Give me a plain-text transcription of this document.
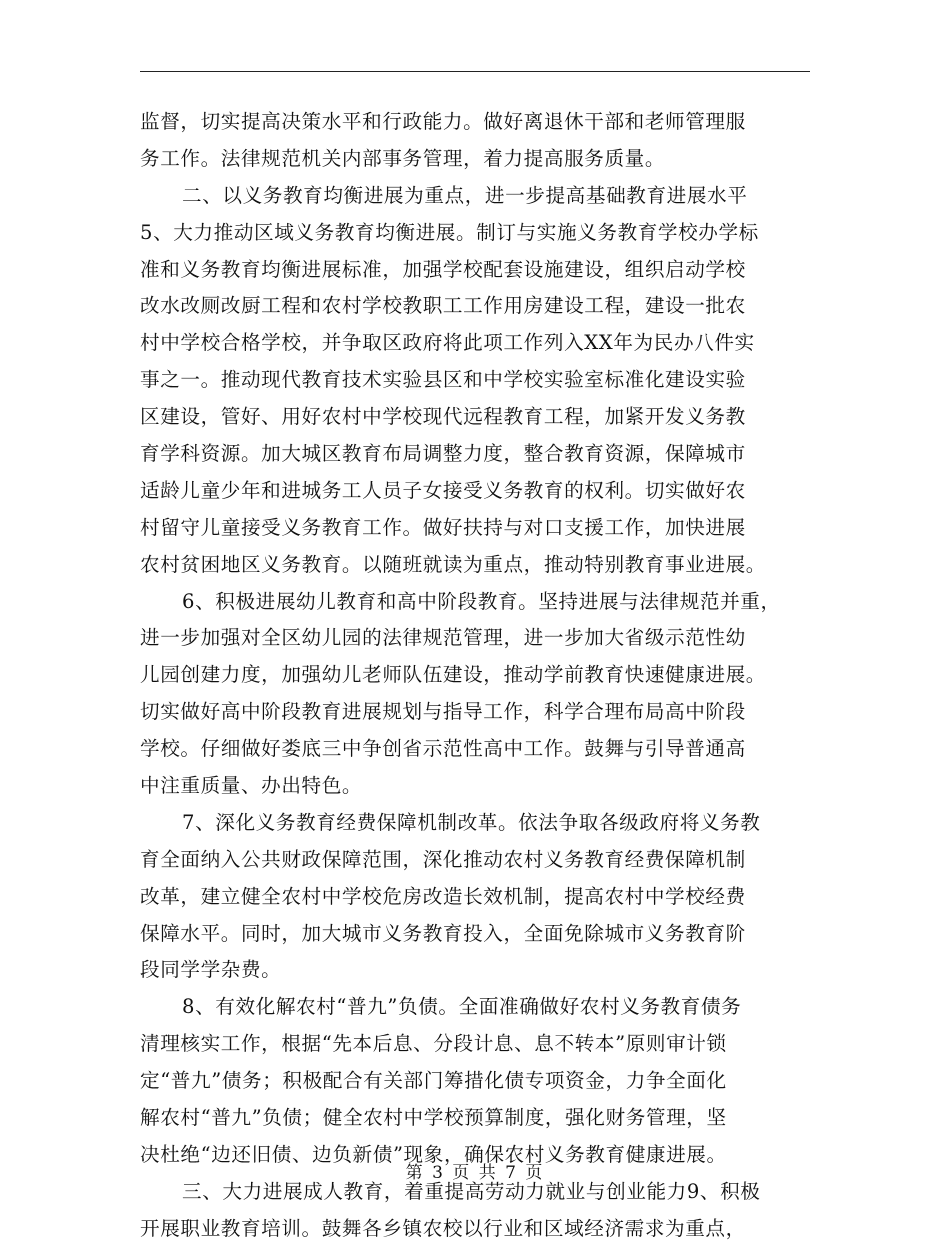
监督，切实提高决策水平和行政能力。做好离退休干部和老师管理服
务工作。法律规范机关内部事务管理，着力提高服务质量。
二、以义务教育均衡进展为重点，进一步提高基础教育进展水平
5、大力推动区域义务教育均衡进展。制订与实施义务教育学校办学标
准和义务教育均衡进展标准，加强学校配套设施建设，组织启动学校
改水改厕改厨工程和农村学校教职工工作用房建设工程，建设一批农
村中学校合格学校，并争取区政府将此项工作列入XX年为民办八件实
事之一。推动现代教育技术实验县区和中学校实验室标准化建设实验
区建设，管好、用好农村中学校现代远程教育工程，加紧开发义务教
育学科资源。加大城区教育布局调整力度，整合教育资源，保障城市
适龄儿童少年和进城务工人员子女接受义务教育的权利。切实做好农
村留守儿童接受义务教育工作。做好扶持与对口支援工作，加快进展
农村贫困地区义务教育。以随班就读为重点，推动特别教育事业进展。
6、积极进展幼儿教育和高中阶段教育。坚持进展与法律规范并重，
进一步加强对全区幼儿园的法律规范管理，进一步加大省级示范性幼
儿园创建力度，加强幼儿老师队伍建设，推动学前教育快速健康进展。
切实做好高中阶段教育进展规划与指导工作，科学合理布局高中阶段
学校。仔细做好娄底三中争创省示范性高中工作。鼓舞与引导普通高
中注重质量、办出特色。
7、深化义务教育经费保障机制改革。依法争取各级政府将义务教
育全面纳入公共财政保障范围，深化推动农村义务教育经费保障机制
改革，建立健全农村中学校危房改造长效机制，提高农村中学校经费
保障水平。同时，加大城市义务教育投入，全面免除城市义务教育阶
段同学学杂费。
8、有效化解农村“普九”负债。全面准确做好农村义务教育债务
清理核实工作，根据“先本后息、分段计息、息不转本”原则审计锁
定“普九”债务；积极配合有关部门筹措化债专项资金，力争全面化
解农村“普九”负债；健全农村中学校预算制度，强化财务管理，坚
决杜绝“边还旧债、边负新债”现象，确保农村义务教育健康进展。
三、大力进展成人教育，着重提高劳动力就业与创业能力9、积极
开展职业教育培训。鼓舞各乡镇农校以行业和区域经济需求为重点，
第 3 页 共 7 页
